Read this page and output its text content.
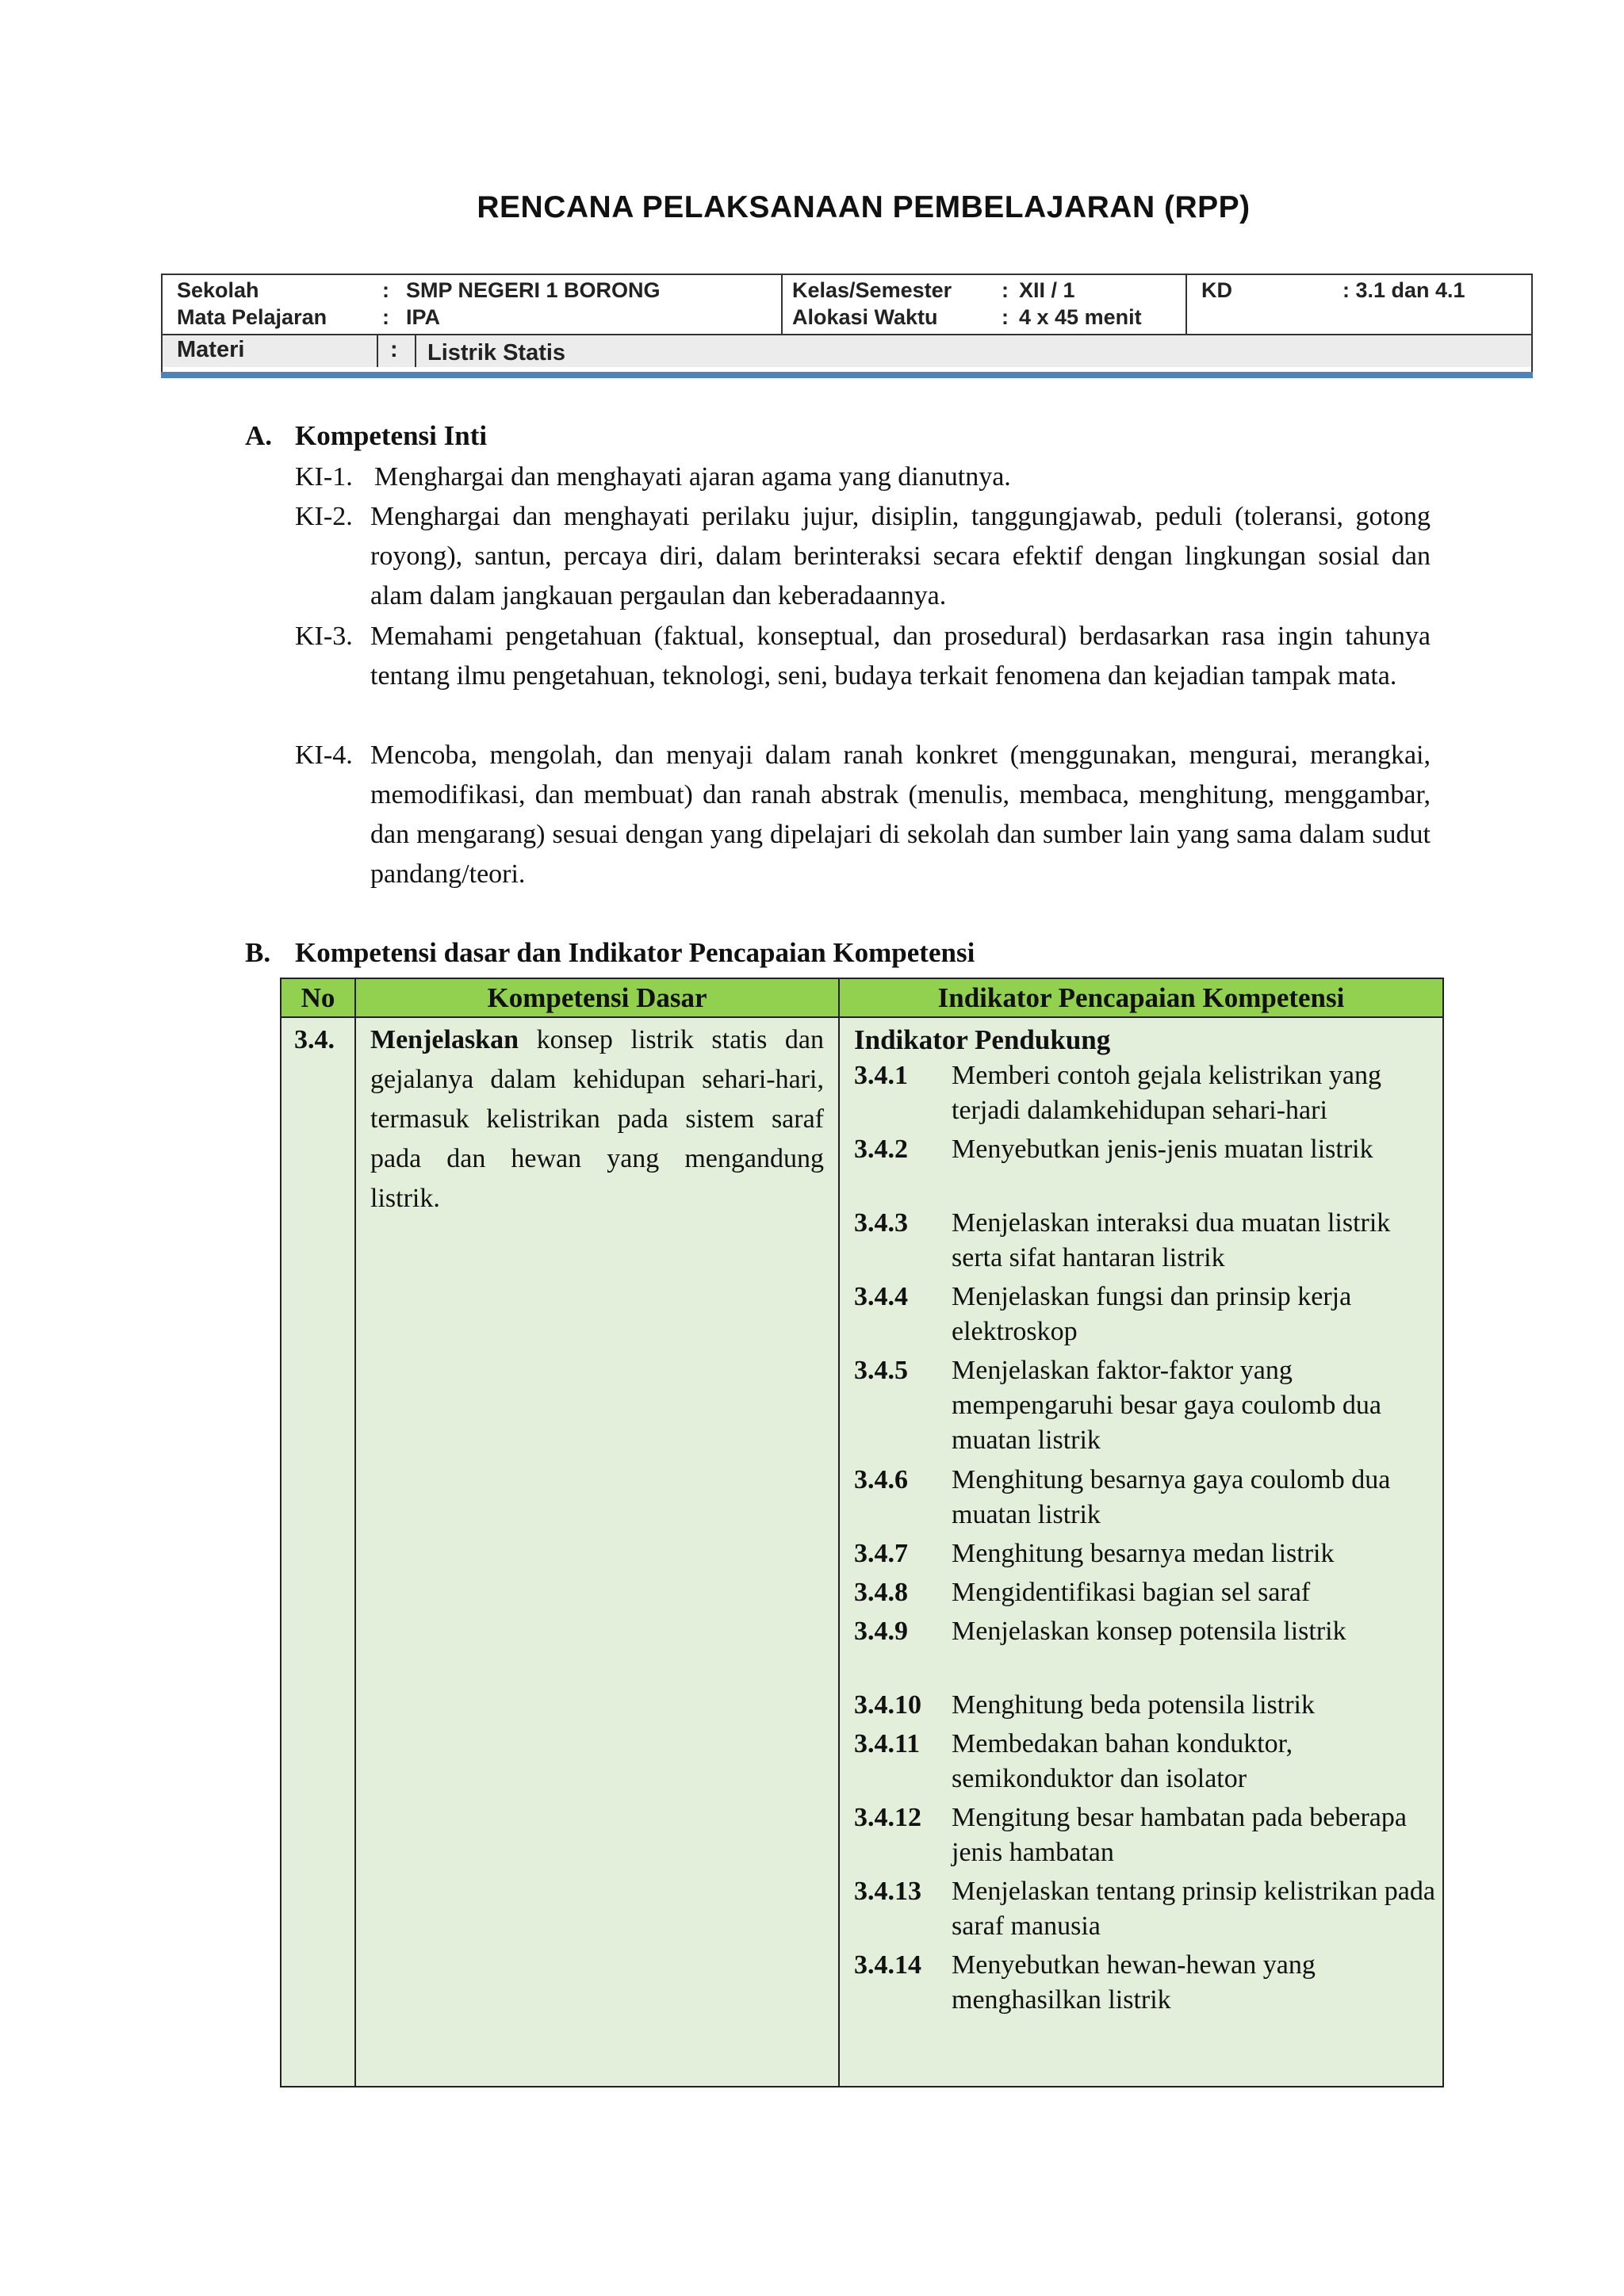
RENCANA PELAKSANAAN PEMBELAJARAN (RPP)
Sekolah	: SMP NEGERI 1 BORONG
Mata Pelajaran	: IPA
Kelas/Semester : XII / 1
Alokasi Waktu	: 4 x 45 menit
KD	: 3.1 dan 4.1
Materi	: Listrik Statis
A. Kompetensi Inti
KI-1. Menghargai dan menghayati ajaran agama yang dianutnya.
KI-2. Menghargai dan menghayati perilaku jujur, disiplin, tanggungjawab, peduli (toleransi, gotong royong), santun, percaya diri, dalam berinteraksi secara efektif dengan lingkungan sosial dan alam dalam jangkauan pergaulan dan keberadaannya.
KI-3. Memahami pengetahuan (faktual, konseptual, dan prosedural) berdasarkan rasa ingin tahunya tentang ilmu pengetahuan, teknologi, seni, budaya terkait fenomena dan kejadian tampak mata.
KI-4. Mencoba, mengolah, dan menyaji dalam ranah konkret (menggunakan, mengurai, merangkai, memodifikasi, dan membuat) dan ranah abstrak (menulis, membaca, menghitung, menggambar, dan mengarang) sesuai dengan yang dipelajari di sekolah dan sumber lain yang sama dalam sudut pandang/teori.
B. Kompetensi dasar dan Indikator Pencapaian Kompetensi
No	Kompetensi Dasar	Indikator Pencapaian Kompetensi
3.4. Menjelaskan konsep listrik statis dan gejalanya dalam kehidupan sehari-hari, termasuk kelistrikan pada sistem saraf pada dan hewan yang mengandung listrik.
Indikator Pendukung
3.4.1 Memberi contoh gejala kelistrikan yang terjadi dalamkehidupan sehari-hari
3.4.2 Menyebutkan jenis-jenis muatan listrik
3.4.3 Menjelaskan interaksi dua muatan listrik serta sifat hantaran listrik
3.4.4 Menjelaskan fungsi dan prinsip kerja elektroskop
3.4.5 Menjelaskan faktor-faktor yang mempengaruhi besar gaya coulomb dua muatan listrik
3.4.6 Menghitung besarnya gaya coulomb dua muatan listrik
3.4.7 Menghitung besarnya medan listrik
3.4.8 Mengidentifikasi bagian sel saraf
3.4.9 Menjelaskan konsep potensila listrik
3.4.10 Menghitung beda potensila listrik
3.4.11 Membedakan bahan konduktor, semikonduktor dan isolator
3.4.12 Mengitung besar hambatan pada beberapa jenis hambatan
3.4.13 Menjelaskan tentang prinsip kelistrikan pada saraf manusia
3.4.14 Menyebutkan hewan-hewan yang menghasilkan listrik
